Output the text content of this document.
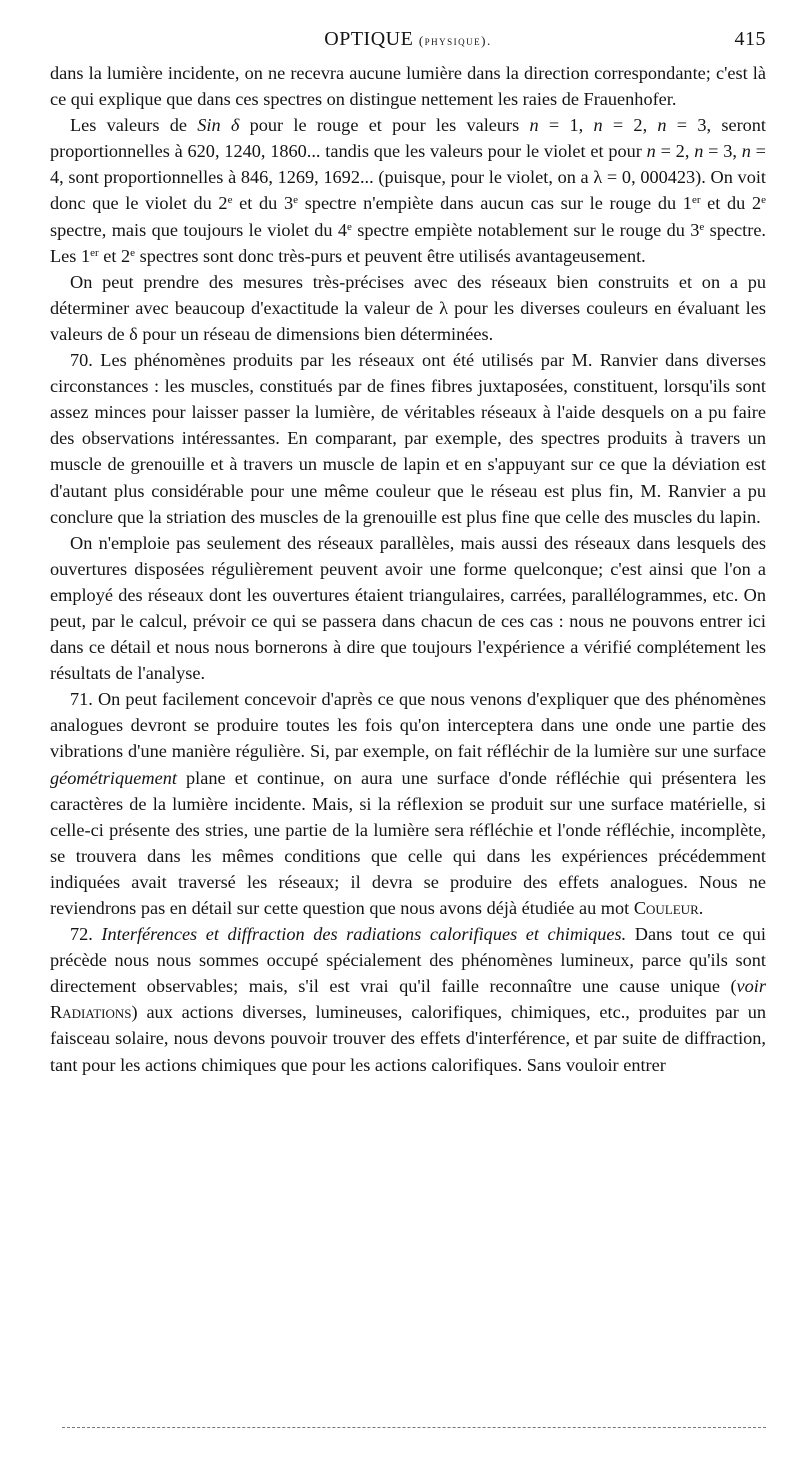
OPTIQUE (physique).	415

dans la lumière incidente, on ne recevra aucune lumière dans la direction correspondante; c'est là ce qui explique que dans ces spectres on distingue nettement les raies de Frauenhofer.

Les valeurs de Sin δ pour le rouge et pour les valeurs n = 1, n = 2, n = 3, seront proportionnelles à 620, 1240, 1860... tandis que les valeurs pour le violet et pour n = 2, n = 3, n = 4, sont proportionnelles à 846, 1269, 1692... (puisque, pour le violet, on a λ = 0, 000423). On voit donc que le violet du 2e et du 3e spectre n'empiète dans aucun cas sur le rouge du 1er et du 2e spectre, mais que toujours le violet du 4e spectre empiète notablement sur le rouge du 3e spectre. Les 1er et 2e spectres sont donc très-purs et peuvent être utilisés avantageusement.

On peut prendre des mesures très-précises avec des réseaux bien construits et on a pu déterminer avec beaucoup d'exactitude la valeur de λ pour les diverses couleurs en évaluant les valeurs de δ pour un réseau de dimensions bien déterminées.

70. Les phénomènes produits par les réseaux ont été utilisés par M. Ranvier dans diverses circonstances : les muscles, constitués par de fines fibres juxtaposées, constituent, lorsqu'ils sont assez minces pour laisser passer la lumière, de véritables réseaux à l'aide desquels on a pu faire des observations intéressantes. En comparant, par exemple, des spectres produits à travers un muscle de grenouille et à travers un muscle de lapin et en s'appuyant sur ce que la déviation est d'autant plus considérable pour une même couleur que le réseau est plus fin, M. Ranvier a pu conclure que la striation des muscles de la grenouille est plus fine que celle des muscles du lapin.

On n'emploie pas seulement des réseaux parallèles, mais aussi des réseaux dans lesquels des ouvertures disposées régulièrement peuvent avoir une forme quelconque; c'est ainsi que l'on a employé des réseaux dont les ouvertures étaient triangulaires, carrées, parallélogrammes, etc. On peut, par le calcul, prévoir ce qui se passera dans chacun de ces cas : nous ne pouvons entrer ici dans ce détail et nous nous bornerons à dire que toujours l'expérience a vérifié complétement les résultats de l'analyse.

71. On peut facilement concevoir d'après ce que nous venons d'expliquer que des phénomènes analogues devront se produire toutes les fois qu'on interceptera dans une onde une partie des vibrations d'une manière régulière. Si, par exemple, on fait réfléchir de la lumière sur une surface géométriquement plane et continue, on aura une surface d'onde réfléchie qui présentera les caractères de la lumière incidente. Mais, si la réflexion se produit sur une surface matérielle, si celle-ci présente des stries, une partie de la lumière sera réfléchie et l'onde réfléchie, incomplète, se trouvera dans les mêmes conditions que celle qui dans les expériences précédemment indiquées avait traversé les réseaux; il devra se produire des effets analogues. Nous ne reviendrons pas en détail sur cette question que nous avons déjà étudiée au mot Couleur.

72. Interférences et diffraction des radiations calorifiques et chimiques. Dans tout ce qui précède nous nous sommes occupé spécialement des phénomènes lumineux, parce qu'ils sont directement observables; mais, s'il est vrai qu'il faille reconnaître une cause unique (voir Radiations) aux actions diverses, lumineuses, calorifiques, chimiques, etc., produites par un faisceau solaire, nous devons pouvoir trouver des effets d'interférence, et par suite de diffraction, tant pour les actions chimiques que pour les actions calorifiques. Sans vouloir entrer
